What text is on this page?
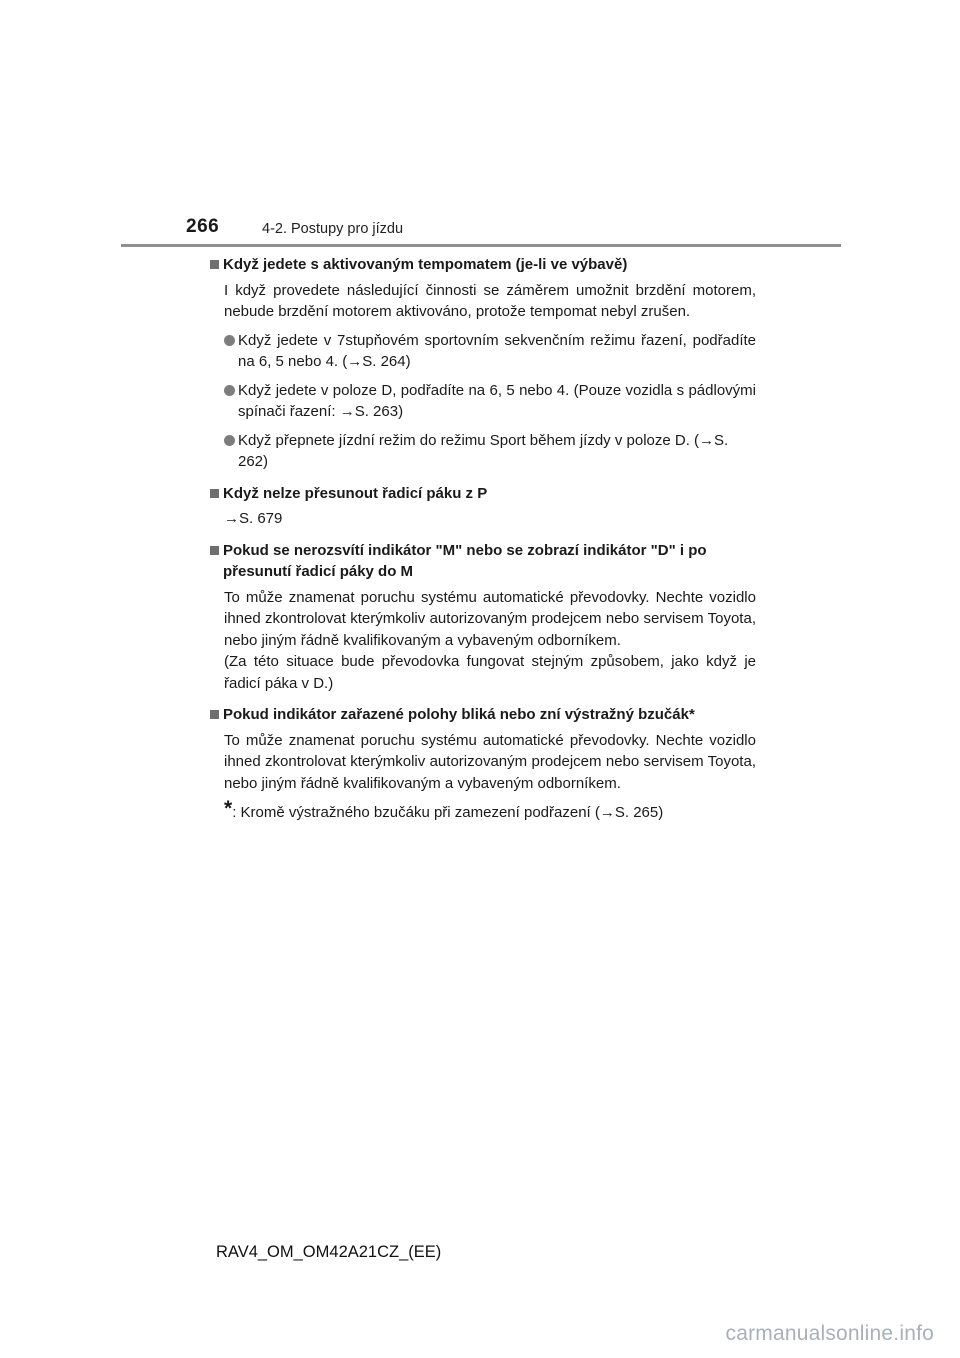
266	4-2. Postupy pro jízdu
Když jedete s aktivovaným tempomatem (je-li ve výbavě)
I když provedete následující činnosti se záměrem umožnit brzdění motorem, nebude brzdění motorem aktivováno, protože tempomat nebyl zrušen.
Když jedete v 7stupňovém sportovním sekvenčním režimu řazení, podřadíte na 6, 5 nebo 4. (→S. 264)
Když jedete v poloze D, podřadíte na 6, 5 nebo 4. (Pouze vozidla s pádlovými spínači řazení: →S. 263)
Když přepnete jízdní režim do režimu Sport během jízdy v poloze D. (→S. 262)
Když nelze přesunout řadicí páku z P
→S. 679
Pokud se nerozsvítí indikátor "M" nebo se zobrazí indikátor "D" i po přesunutí řadicí páky do M
To může znamenat poruchu systému automatické převodovky. Nechte vozidlo ihned zkontrolovat kterýmkoliv autorizovaným prodejcem nebo servisem Toyota, nebo jiným řádně kvalifikovaným a vybaveným odborníkem.
(Za této situace bude převodovka fungovat stejným způsobem, jako když je řadicí páka v D.)
Pokud indikátor zařazené polohy bliká nebo zní výstražný bzučák*
To může znamenat poruchu systému automatické převodovky. Nechte vozidlo ihned zkontrolovat kterýmkoliv autorizovaným prodejcem nebo servisem Toyota, nebo jiným řádně kvalifikovaným a vybaveným odborníkem.
*: Kromě výstražného bzučáku při zamezení podřazení (→S. 265)
RAV4_OM_OM42A21CZ_(EE)
carmanualsonline.info
